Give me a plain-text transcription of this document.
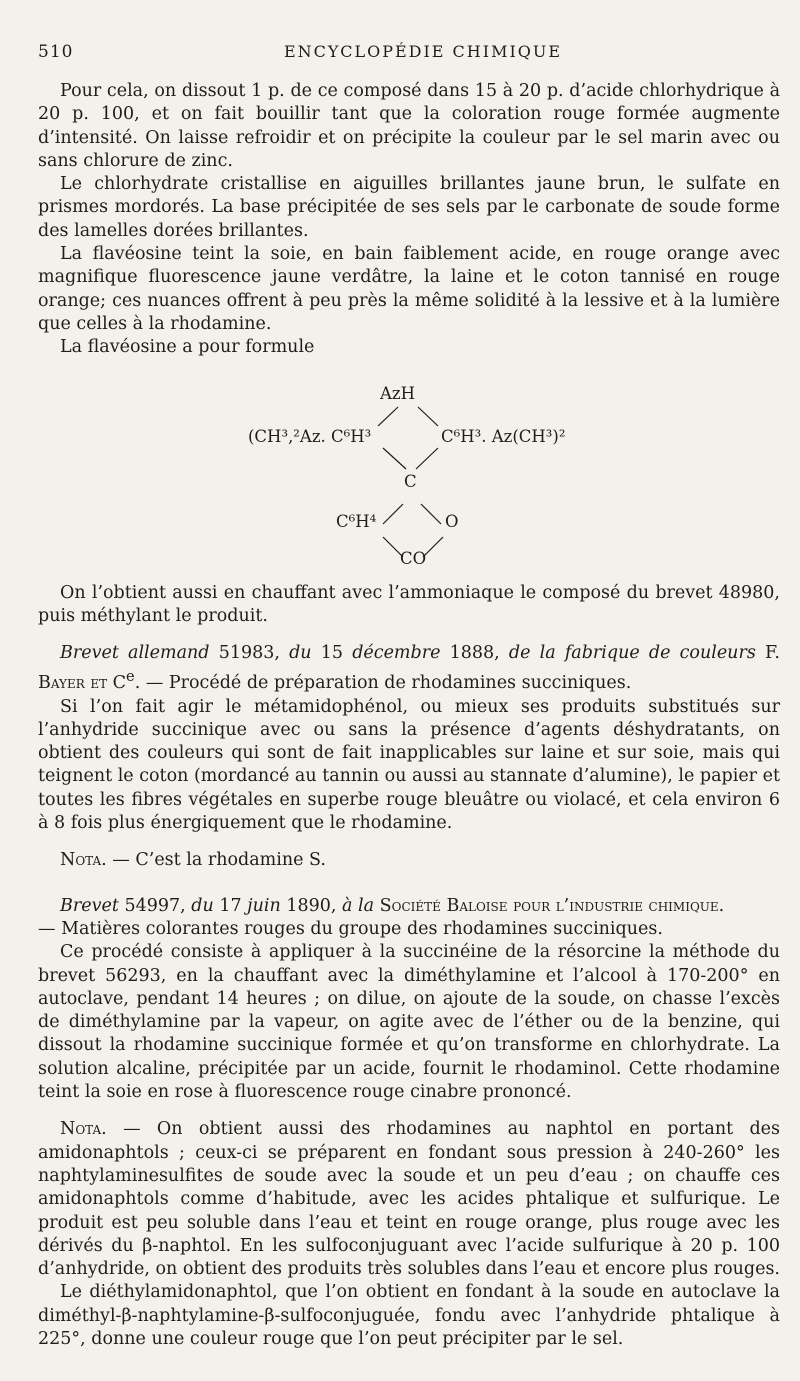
510	ENCYCLOPÉDIE CHIMIQUE

Pour cela, on dissout 1 p. de ce composé dans 15 à 20 p. d’acide chlorhydrique à 20 p. 100, et on fait bouillir tant que la coloration rouge formée augmente d’intensité. On laisse refroidir et on précipite la couleur par le sel marin avec ou sans chlorure de zinc.

Le chlorhydrate cristallise en aiguilles brillantes jaune brun, le sulfate en prismes mordorés. La base précipitée de ses sels par le carbonate de soude forme des lamelles dorées brillantes.

La flavéosine teint la soie, en bain faiblement acide, en rouge orange avec magnifique fluorescence jaune verdâtre, la laine et le coton tannisé en rouge orange; ces nuances offrent à peu près la même solidité à la lessive et à la lumière que celles à la rhodamine.

La flavéosine a pour formule

AzH
(CH³,²Az. C⁶H³	C⁶H³. Az(CH³)²
C
C⁶H⁴	O
CO

On l’obtient aussi en chauffant avec l’ammoniaque le composé du brevet 48980, puis méthylant le produit.

Brevet allemand 51983, du 15 décembre 1888, de la fabrique de couleurs F. Bayer et Ce. — Procédé de préparation de rhodamines succiniques.

Si l’on fait agir le métamidophénol, ou mieux ses produits substitués sur l’anhydride succinique avec ou sans la présence d’agents déshydratants, on obtient des couleurs qui sont de fait inapplicables sur laine et sur soie, mais qui teignent le coton (mordancé au tannin ou aussi au stannate d’alumine), le papier et toutes les fibres végétales en superbe rouge bleuâtre ou violacé, et cela environ 6 à 8 fois plus énergiquement que le rhodamine.

Nota. — C’est la rhodamine S.

Brevet 54997, du 17 juin 1890, à la Société Baloise pour l’industrie chimique.

— Matières colorantes rouges du groupe des rhodamines succiniques.

Ce procédé consiste à appliquer à la succinéine de la résorcine la méthode du brevet 56293, en la chauffant avec la diméthylamine et l’alcool à 170-200° en autoclave, pendant 14 heures ; on dilue, on ajoute de la soude, on chasse l’excès de diméthylamine par la vapeur, on agite avec de l’éther ou de la benzine, qui dissout la rhodamine succinique formée et qu’on transforme en chlorhydrate. La solution alcaline, précipitée par un acide, fournit le rhodaminol. Cette rhodamine teint la soie en rose à fluorescence rouge cinabre prononcé.

Nota. — On obtient aussi des rhodamines au naphtol en portant des amidonaphtols ; ceux-ci se préparent en fondant sous pression à 240-260° les naphtylaminesulfites de soude avec la soude et un peu d’eau ; on chauffe ces amidonaphtols comme d’habitude, avec les acides phtalique et sulfurique. Le produit est peu soluble dans l’eau et teint en rouge orange, plus rouge avec les dérivés du β-naphtol. En les sulfoconjuguant avec l’acide sulfurique à 20 p. 100 d’anhydride, on obtient des produits très solubles dans l’eau et encore plus rouges.

Le diéthylamidonaphtol, que l’on obtient en fondant à la soude en autoclave la diméthyl-β-naphtylamine-β-sulfoconjuguée, fondu avec l’anhydride phtalique à 225°, donne une couleur rouge que l’on peut précipiter par le sel.
